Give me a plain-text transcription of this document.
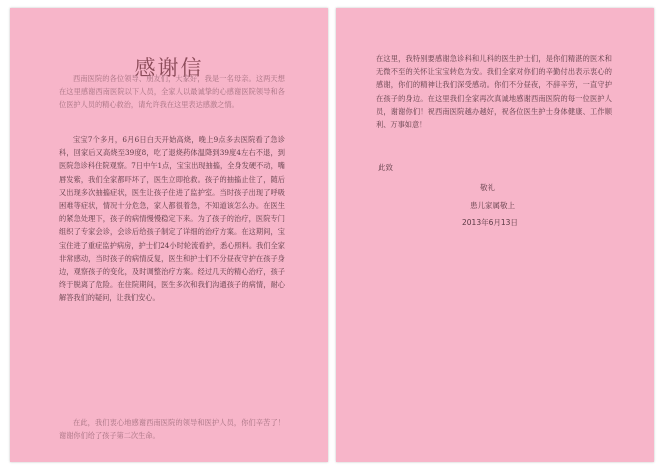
感谢信

西南医院的各位领导、朋友们，大家好，我是一名母亲。这两天想在这里感谢西南医院以下人员，全家人以最诚挚的心感谢医院领导和各位医护人员的精心救治，请允许我在这里表达感激之情。

宝宝7个多月，6月6日白天开始高烧，晚上9点多去医院看了急诊科，回家后又高烧至39度8，吃了退烧药体温降到39度4左右不退，到医院急诊科住院观察。7日中午1点，宝宝出现抽搐，全身发硬不动，嘴唇发紫，我们全家都吓坏了，医生立即抢救。孩子的抽搐止住了，随后又出现多次抽搐症状，医生让孩子住进了监护室。当时孩子出现了呼吸困难等症状，情况十分危急，家人都很着急，不知道该怎么办。在医生的紧急处理下，孩子的病情慢慢稳定下来。为了孩子的治疗，医院专门组织了专家会诊，会诊后给孩子制定了详细的治疗方案。在这期间，宝宝住进了重症监护病房，护士们24小时轮流看护，悉心照料。我们全家非常感动，当时孩子的病情反复，医生和护士们不分昼夜守护在孩子身边，观察孩子的变化，及时调整治疗方案。经过几天的精心治疗，孩子终于脱离了危险。在住院期间，医生多次和我们沟通孩子的病情，耐心解答我们的疑问，让我们安心。

在此，我们衷心地感谢西南医院的领导和医护人员，你们辛苦了！谢谢你们给了孩子第二次生命。

在这里，我特别要感谢急诊科和儿科的医生护士们，是你们精湛的医术和无微不至的关怀让宝宝转危为安。我们全家对你们的辛勤付出表示衷心的感谢，你们的精神让我们深受感动。你们不分昼夜，不辞辛劳，一直守护在孩子的身边。在这里我们全家再次真诚地感谢西南医院的每一位医护人员，谢谢你们！祝西南医院越办越好，祝各位医生护士身体健康、工作顺利、万事如意！

此致
敬礼
患儿家属敬上
2013年6月13日
